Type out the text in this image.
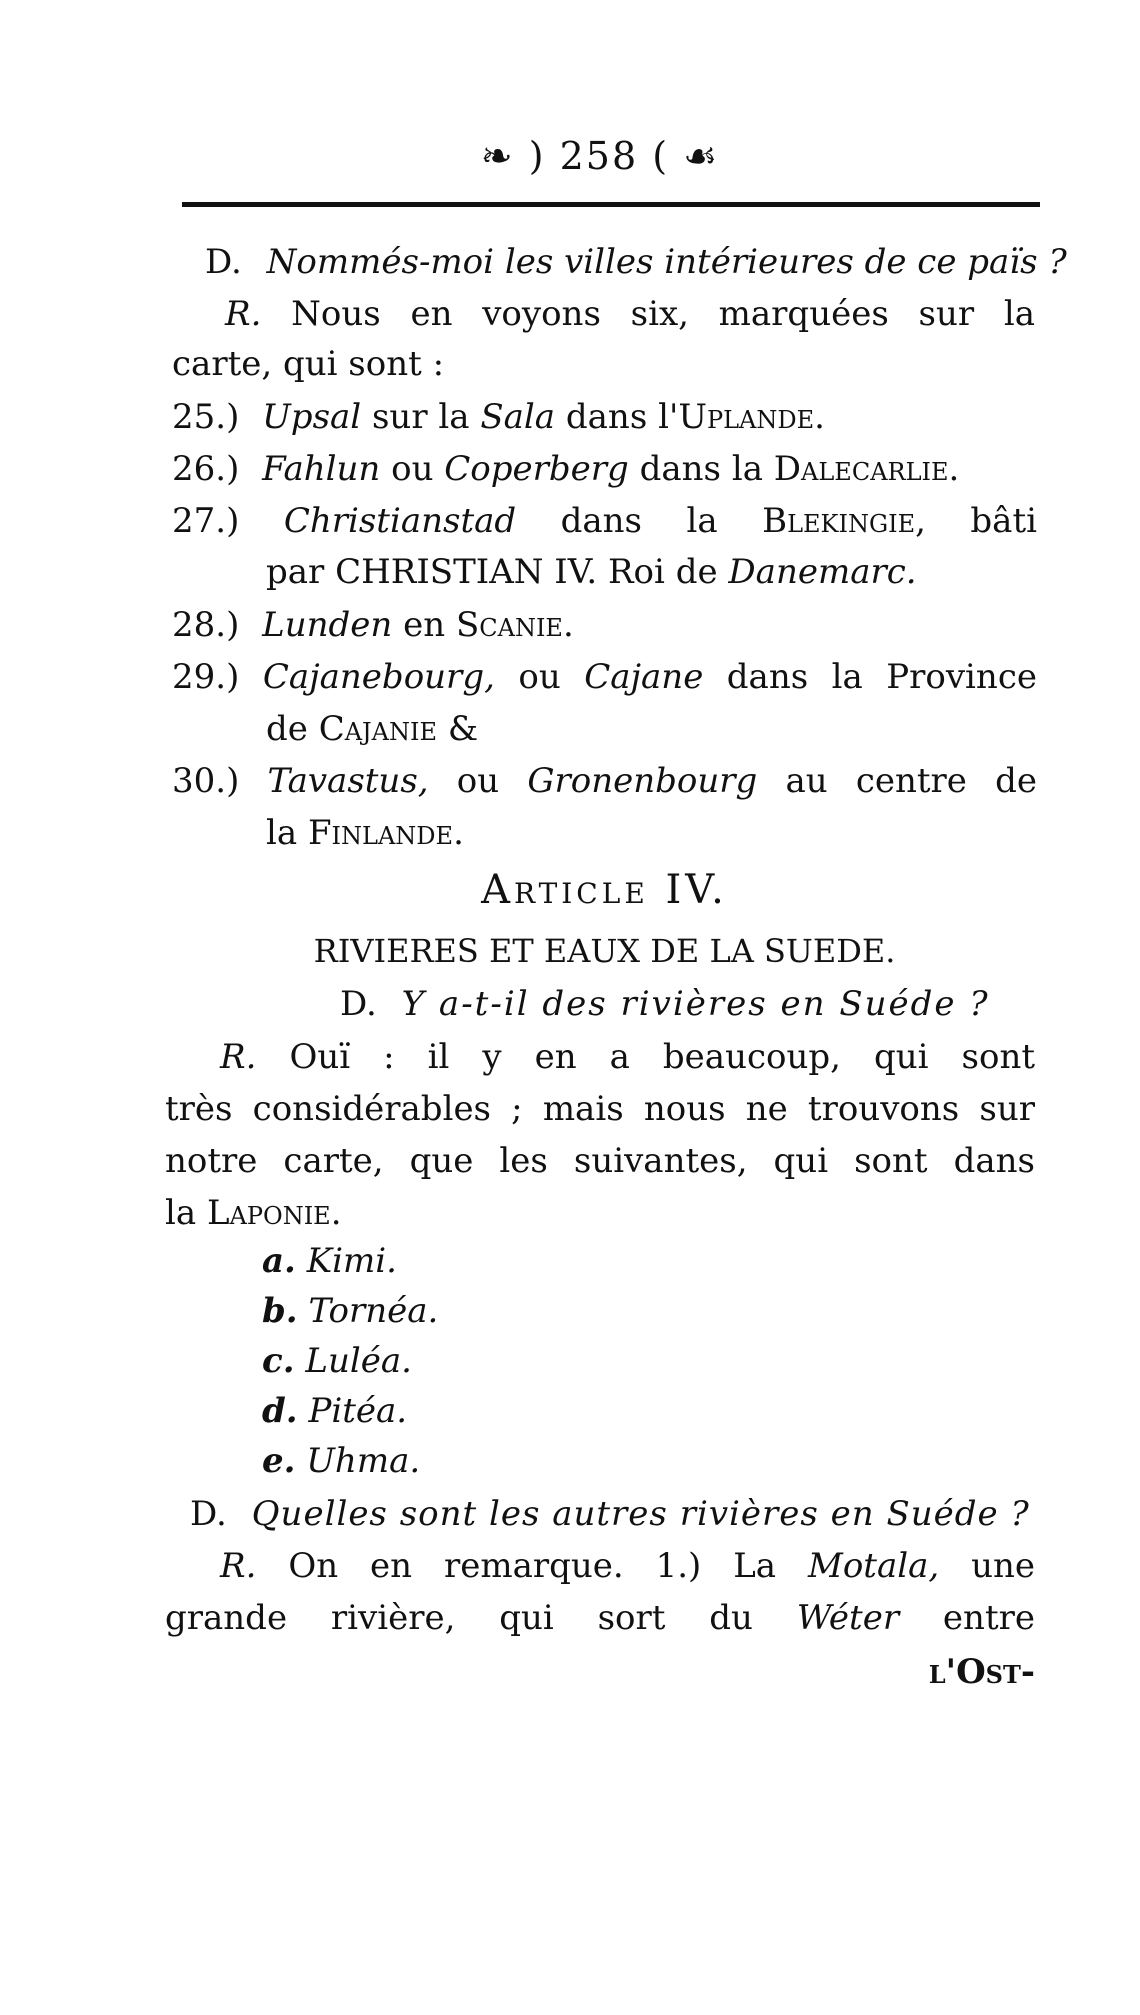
❧ ) 258 ( ☙
D. Nommés-moi les villes intérieures de ce païs ?
R. Nous en voyons six, marquées sur la
carte, qui sont :
25.) Upsal sur la Sala dans l'Uplande.
26.) Fahlun ou Coperberg dans la Dalecarlie.
27.) Christianstad dans la Blekingie, bâti
par CHRISTIAN IV. Roi de Danemarc.
28.) Lunden en Scanie.
29.) Cajanebourg, ou Cajane dans la Province
de Cajanie &
30.) Tavastus, ou Gronenbourg au centre de
la Finlande.
Article IV.
RIVIERES ET EAUX DE LA SUEDE.
D. Y a-t-il des rivières en Suéde ?
R. Ouï : il y en a beaucoup, qui sont
très considérables ; mais nous ne trouvons sur
notre carte, que les suivantes, qui sont dans
la Laponie.
a. Kimi.
b. Tornéa.
c. Luléa.
d. Pitéa.
e. Uhma.
D. Quelles sont les autres rivières en Suéde ?
R. On en remarque. 1.) La Motala, une
grande rivière, qui sort du Wéter entre
l'Ost-
